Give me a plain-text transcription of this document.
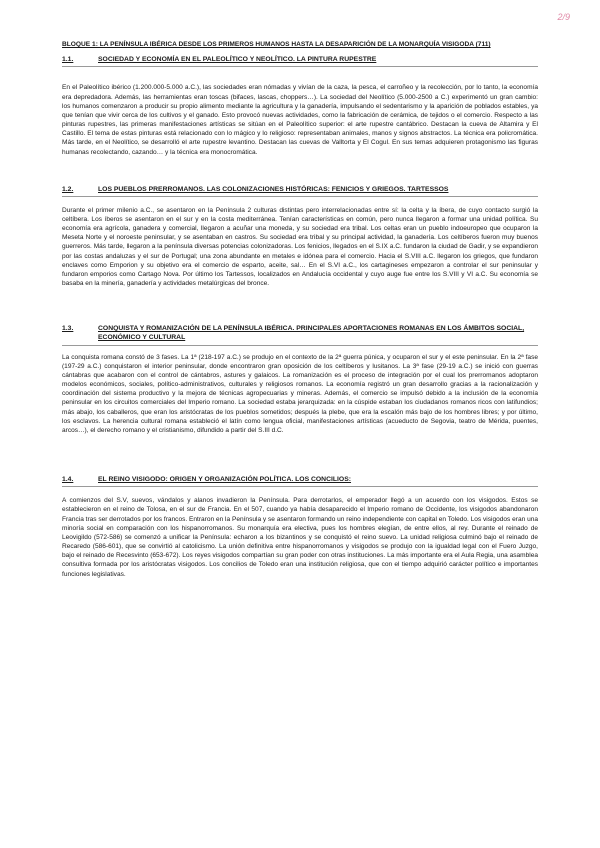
2/9
BLOQUE 1: LA PENÍNSULA IBÉRICA DESDE LOS PRIMEROS HUMANOS HASTA LA DESAPARICIÓN DE LA MONARQUÍA VISIGODA (711)
1.1.	SOCIEDAD Y ECONOMÍA EN EL PALEOLÍTICO Y NEOLÍTICO. LA PINTURA RUPESTRE

En el Paleolítico ibérico (1.200.000-5.000 a.C.), las sociedades eran nómadas y vivían de la caza, la pesca, el carroñeo y la recolección, por lo tanto, la economía era depredadora. Además, las herramientas eran toscas (bifaces, lascas, choppers…). La sociedad del Neolítico (5.000-2500 a C.) experimentó un gran cambio: los humanos comenzaron a producir su propio alimento mediante la agricultura y la ganadería, impulsando el sedentarismo y la aparición de poblados estables, ya que tenían que vivir cerca de los cultivos y el ganado. Esto provocó nuevas actividades, como la fabricación de cerámica, de tejidos o el comercio. Respecto a las pinturas rupestres, las primeras manifestaciones artísticas se sitúan en el Paleolítico superior: el arte rupestre cantábrico. Destacan la cueva de Altamira y El Castillo. El tema de estas pinturas está relacionado con lo mágico y lo religioso: representaban animales, manos y signos abstractos. La técnica era policromática. Más tarde, en el Neolítico, se desarrolló el arte rupestre levantino. Destacan las cuevas de Valltorta y El Cogul. En sus temas adquieren protagonismo las figuras humanas recolectando, cazando… y la técnica era monocromática.

1.2.	LOS PUEBLOS PRERROMANOS. LAS COLONIZACIONES HISTÓRICAS: FENICIOS Y GRIEGOS. TARTESSOS

Durante el primer milenio a.C., se asentaron en la Península 2 culturas distintas pero interrelacionadas entre sí: la celta y la íbera, de cuyo contacto surgió la celtíbera. Los íberos se asentaron en el sur y en la costa mediterránea. Tenían características en común, pero nunca llegaron a formar una unidad política. Su economía era agrícola, ganadera y comercial, llegaron a acuñar una moneda, y su sociedad era tribal. Los celtas eran un pueblo indoeuropeo que ocuparon la Meseta Norte y el noroeste peninsular, y se asentaban en castros. Su sociedad era tribal y su principal actividad, la ganadería. Los celtíberos fueron muy buenos guerreros. Más tarde, llegaron a la península diversas potencias colonizadoras. Los fenicios, llegados en el S.IX a.C. fundaron la ciudad de Gadir, y se expandieron por las costas andaluzas y el sur de Portugal; una zona abundante en metales e idónea para el comercio. Hacia el S.VIII a.C. llegaron los griegos, que fundaron enclaves como Emporion y su objetivo era el comercio de esparto, aceite, sal… En el S.VI a.C., los cartagineses empezaron a controlar el sur peninsular y fundaron emporios como Cartago Nova. Por último los Tartessos, localizados en Andalucía occidental y cuyo auge fue entre los S.VIII y VI a.C. Su economía se basaba en la minería, ganadería y actividades metalúrgicas del bronce.

1.3.	CONQUISTA Y ROMANIZACIÓN DE LA PENÍNSULA IBÉRICA. PRINCIPALES APORTACIONES ROMANAS EN LOS ÁMBITOS SOCIAL, ECONÓMICO Y CULTURAL

La conquista romana constó de 3 fases. La 1ª (218-197 a.C.) se produjo en el contexto de la 2ª guerra púnica, y ocuparon el sur y el este peninsular. En la 2ª fase (197-29 a.C.) conquistaron el interior peninsular, donde encontraron gran oposición de los celtíberos y lusitanos. La 3ª fase (29-19 a.C.) se inició con guerras cántabras que acabaron con el control de cántabros, astures y galaicos. La romanización es el proceso de integración por el cual los prerromanos adoptaron modelos económicos, sociales, político-administrativos, culturales y religiosos romanos. La economía registró un gran desarrollo gracias a la racionalización y coordinación del sistema productivo y la mejora de técnicas agropecuarias y mineras. Además, el comercio se impulsó debido a la inclusión de la economía peninsular en los circuitos comerciales del Imperio romano. La sociedad estaba jerarquizada: en la cúspide estaban los ciudadanos romanos ricos con latifundios; más abajo, los caballeros, que eran los aristócratas de los pueblos sometidos; después la plebe, que era la escalón más bajo de los hombres libres; y por último, los esclavos. La herencia cultural romana estableció el latín como lengua oficial, manifestaciones artísticas (acueducto de Segovia, teatro de Mérida, puentes, arcos…), el derecho romano y el cristianismo, difundido a partir del S.III d.C.

1.4.	EL REINO VISIGODO: ORIGEN Y ORGANIZACIÓN POLÍTICA. LOS CONCILIOS:

A comienzos del S.V, suevos, vándalos y alanos invadieron la Península. Para derrotarlos, el emperador llegó a un acuerdo con los visigodos. Estos se establecieron en el reino de Tolosa, en el sur de Francia. En el 507, cuando ya había desaparecido el Imperio romano de Occidente, los visigodos abandonaron Francia tras ser derrotados por los francos. Entraron en la Península y se asentaron formando un reino independiente con capital en Toledo. Los visigodos eran una minoría social en comparación con los hispanorromanos. Su monarquía era electiva, pues los hombres elegían, de entre ellos, al rey. Durante el reinado de Leovigildo (572-586) se comenzó a unificar la Península: echaron a los bizantinos y se conquistó el reino suevo. La unidad religiosa culminó bajo el reinado de Recaredo (586-601), que se convirtió al catolicismo. La unión definitiva entre hispanorromanos y visigodos se produjo con la igualdad legal con el Fuero Juzgo, bajo el reinado de Recesvinto (653-672). Los reyes visigodos compartían su gran poder con otras instituciones. La más importante era el Aula Regia, una asamblea consultiva formada por los aristócratas visigodos. Los concilios de Toledo eran una institución religiosa, que con el tiempo adquirió carácter político e importantes funciones legislativas.
